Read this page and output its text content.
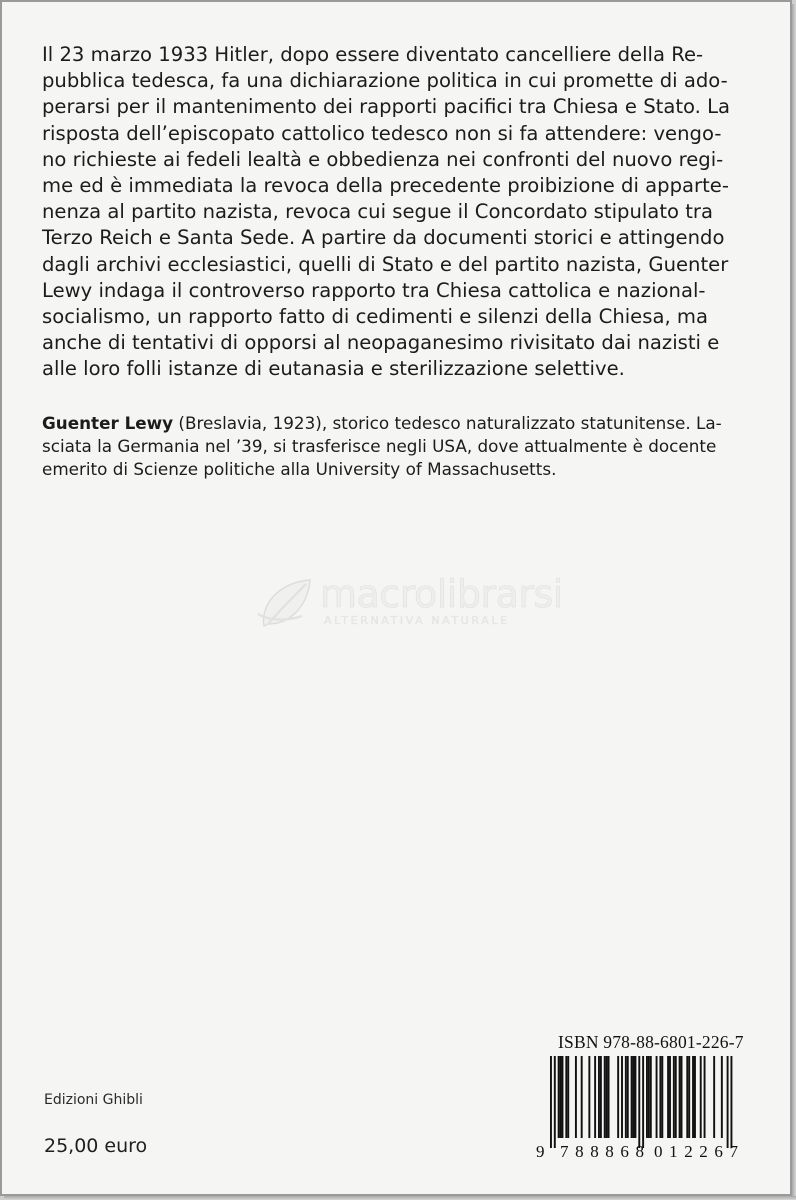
Il 23 marzo 1933 Hitler, dopo essere diventato cancelliere della Re-

pubblica tedesca, fa una dichiarazione politica in cui promette di ado-

perarsi per il mantenimento dei rapporti pacifici tra Chiesa e Stato. La

risposta dell’episcopato cattolico tedesco non si fa attendere: vengo-

no richieste ai fedeli lealtà e obbedienza nei confronti del nuovo regi-

me ed è immediata la revoca della precedente proibizione di apparte-

nenza al partito nazista, revoca cui segue il Concordato stipulato tra

Terzo Reich e Santa Sede. A partire da documenti storici e attingendo

dagli archivi ecclesiastici, quelli di Stato e del partito nazista, Guenter

Lewy indaga il controverso rapporto tra Chiesa cattolica e nazional-

socialismo, un rapporto fatto di cedimenti e silenzi della Chiesa, ma

anche di tentativi di opporsi al neopaganesimo rivisitato dai nazisti e

alle loro folli istanze di eutanasia e sterilizzazione selettive.

Guenter Lewy (Breslavia, 1923), storico tedesco naturalizzato statunitense. La-

sciata la Germania nel ’39, si trasferisce negli USA, dove attualmente è docente

emerito di Scienze politiche alla University of Massachusetts.

macrolibrarsi
ALTERNATIVA NATURALE
Edizioni Ghibli
25,00 euro
ISBN 978-88-6801-226-7
9 788868 012267
